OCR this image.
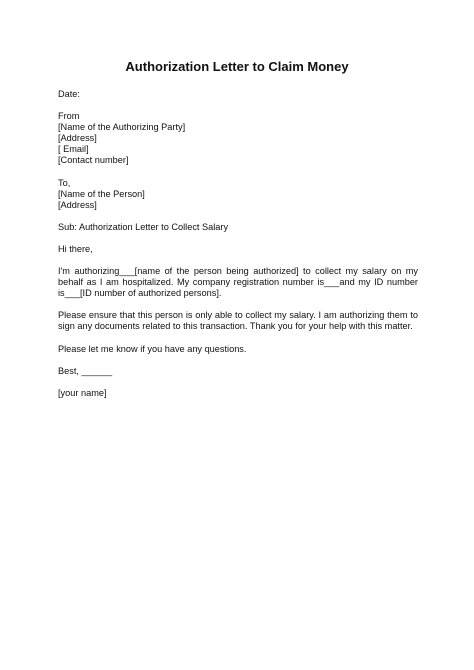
Authorization Letter to Claim Money
Date:
From
[Name of the Authorizing Party]
[Address]
[ Email]
[Contact number]
To,
[Name of the Person]
[Address]
Sub: Authorization Letter to Collect Salary
Hi there,
I'm authorizing___[name of the person being authorized] to collect my salary on my behalf as I am hospitalized. My company registration number is___and my ID number is___[ID number of authorized persons].
Please ensure that this person is only able to collect my salary. I am authorizing them to sign any documents related to this transaction. Thank you for your help with this matter.
Please let me know if you have any questions.
Best, ______
[your name]
